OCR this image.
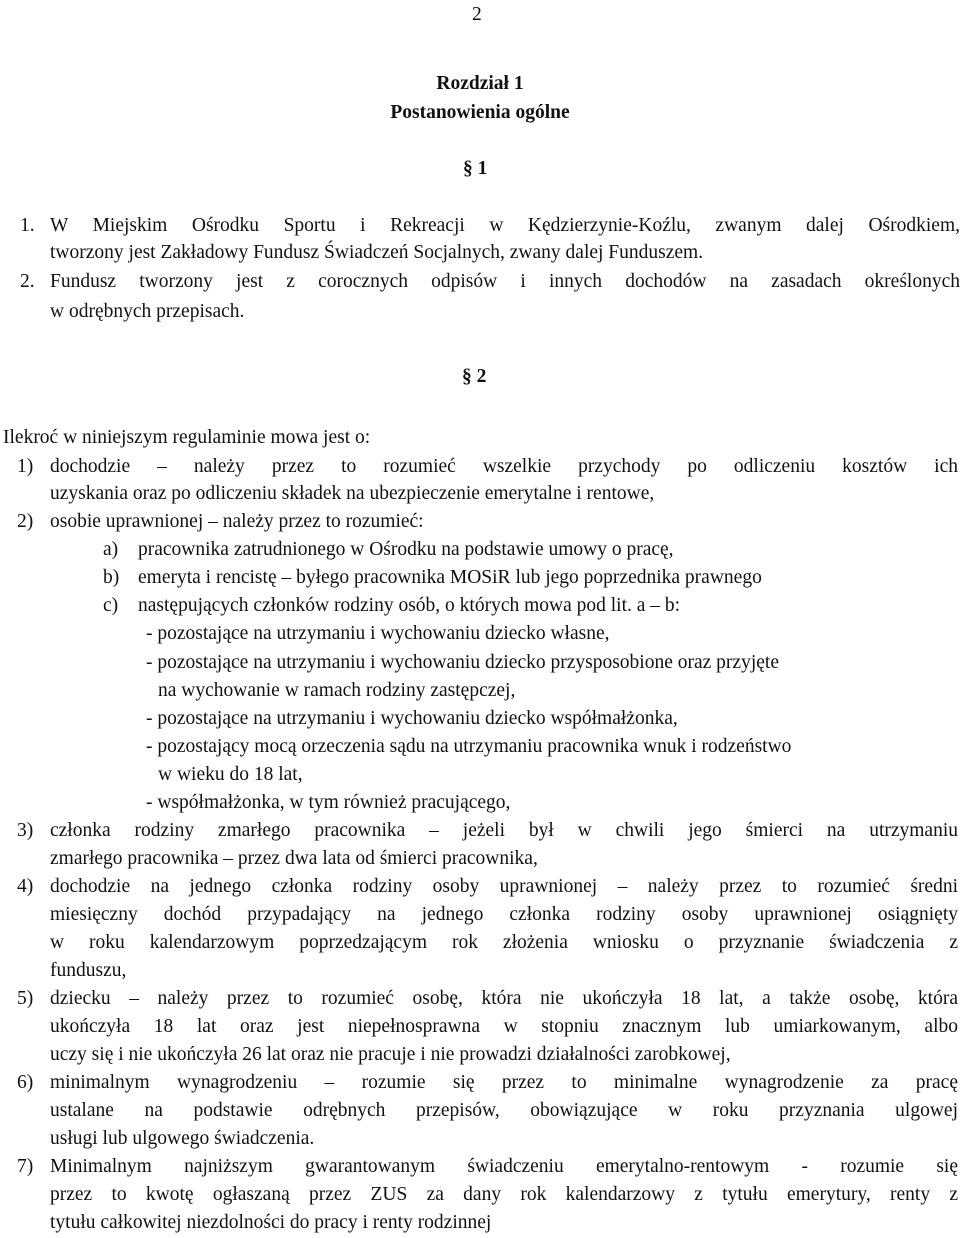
2
Rozdział 1
Postanowienia ogólne
§ 1
1. W Miejskim Ośrodku Sportu i Rekreacji w Kędzierzynie-Koźlu, zwanym dalej Ośrodkiem,
tworzony jest Zakładowy Fundusz Świadczeń Socjalnych, zwany dalej Funduszem.
2. Fundusz tworzony jest z corocznych odpisów i innych dochodów na zasadach określonych
w odrębnych przepisach.
§ 2
Ilekroć w niniejszym regulaminie mowa jest o:
1) dochodzie – należy przez to rozumieć wszelkie przychody po odliczeniu kosztów ich
uzyskania oraz po odliczeniu składek na ubezpieczenie emerytalne i rentowe,
2) osobie uprawnionej – należy przez to rozumieć:
a) pracownika zatrudnionego w Ośrodku na podstawie umowy o pracę,
b) emeryta i rencistę – byłego pracownika MOSiR lub jego poprzednika prawnego
c) następujących członków rodziny osób, o których mowa pod lit. a – b:
- pozostające na utrzymaniu i wychowaniu dziecko własne,
- pozostające na utrzymaniu i wychowaniu dziecko przysposobione oraz przyjęte
na wychowanie w ramach rodziny zastępczej,
- pozostające na utrzymaniu i wychowaniu dziecko współmałżonka,
- pozostający mocą orzeczenia sądu na utrzymaniu pracownika wnuk i rodzeństwo
w wieku do 18 lat,
- współmałżonka, w tym również pracującego,
3) członka rodziny zmarłego pracownika – jeżeli był w chwili jego śmierci na utrzymaniu
zmarłego pracownika – przez dwa lata od śmierci pracownika,
4) dochodzie na jednego członka rodziny osoby uprawnionej – należy przez to rozumieć średni
miesięczny dochód przypadający na jednego członka rodziny osoby uprawnionej osiągnięty
w roku kalendarzowym poprzedzającym rok złożenia wniosku o przyznanie świadczenia z
funduszu,
5) dziecku – należy przez to rozumieć osobę, która nie ukończyła 18 lat, a także osobę, która
ukończyła 18 lat oraz jest niepełnosprawna w stopniu znacznym lub umiarkowanym, albo
uczy się i nie ukończyła 26 lat oraz nie pracuje i nie prowadzi działalności zarobkowej,
6) minimalnym wynagrodzeniu – rozumie się przez to minimalne wynagrodzenie za pracę
ustalane na podstawie odrębnych przepisów, obowiązujące w roku przyznania ulgowej
usługi lub ulgowego świadczenia.
7) Minimalnym najniższym gwarantowanym świadczeniu emerytalno-rentowym - rozumie się
przez to kwotę ogłaszaną przez ZUS za dany rok kalendarzowy z tytułu emerytury, renty z
tytułu całkowitej niezdolności do pracy i renty rodzinnej
